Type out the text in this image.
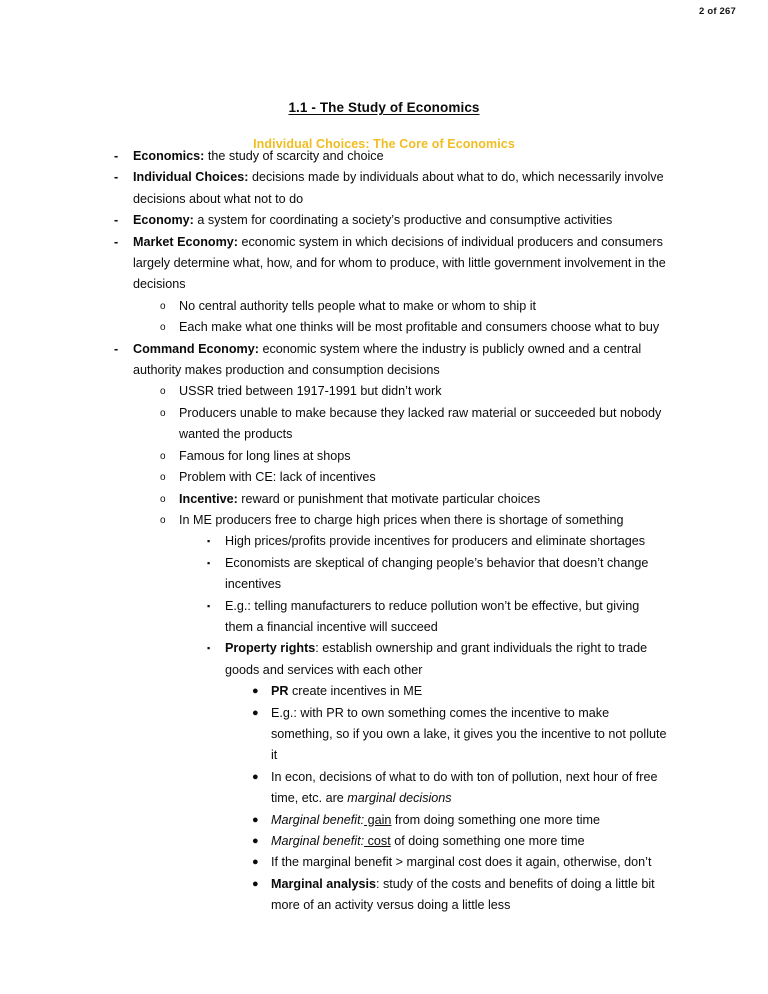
2 of 267
1.1 - The Study of Economics
Individual Choices: The Core of Economics
- Economics: the study of scarcity and choice
- Individual Choices: decisions made by individuals about what to do, which necessarily involve decisions about what not to do
- Economy: a system for coordinating a society’s productive and consumptive activities
- Market Economy: economic system in which decisions of individual producers and consumers largely determine what, how, and for whom to produce, with little government involvement in the decisions
o No central authority tells people what to make or whom to ship it
o Each make what one thinks will be most profitable and consumers choose what to buy
- Command Economy: economic system where the industry is publicly owned and a central authority makes production and consumption decisions
o USSR tried between 1917-1991 but didn’t work
o Producers unable to make because they lacked raw material or succeeded but nobody wanted the products
o Famous for long lines at shops
o Problem with CE: lack of incentives
o Incentive: reward or punishment that motivate particular choices
o In ME producers free to charge high prices when there is shortage of something
▪ High prices/profits provide incentives for producers and eliminate shortages
▪ Economists are skeptical of changing people’s behavior that doesn’t change incentives
▪ E.g.: telling manufacturers to reduce pollution won’t be effective, but giving them a financial incentive will succeed
▪ Property rights: establish ownership and grant individuals the right to trade goods and services with each other
● PR create incentives in ME
● E.g.: with PR to own something comes the incentive to make something, so if you own a lake, it gives you the incentive to not pollute it
● In econ, decisions of what to do with ton of pollution, next hour of free time, etc. are marginal decisions
● Marginal benefit: gain from doing something one more time
● Marginal benefit: cost of doing something one more time
● If the marginal benefit > marginal cost does it again, otherwise, don’t
● Marginal analysis: study of the costs and benefits of doing a little bit more of an activity versus doing a little less
